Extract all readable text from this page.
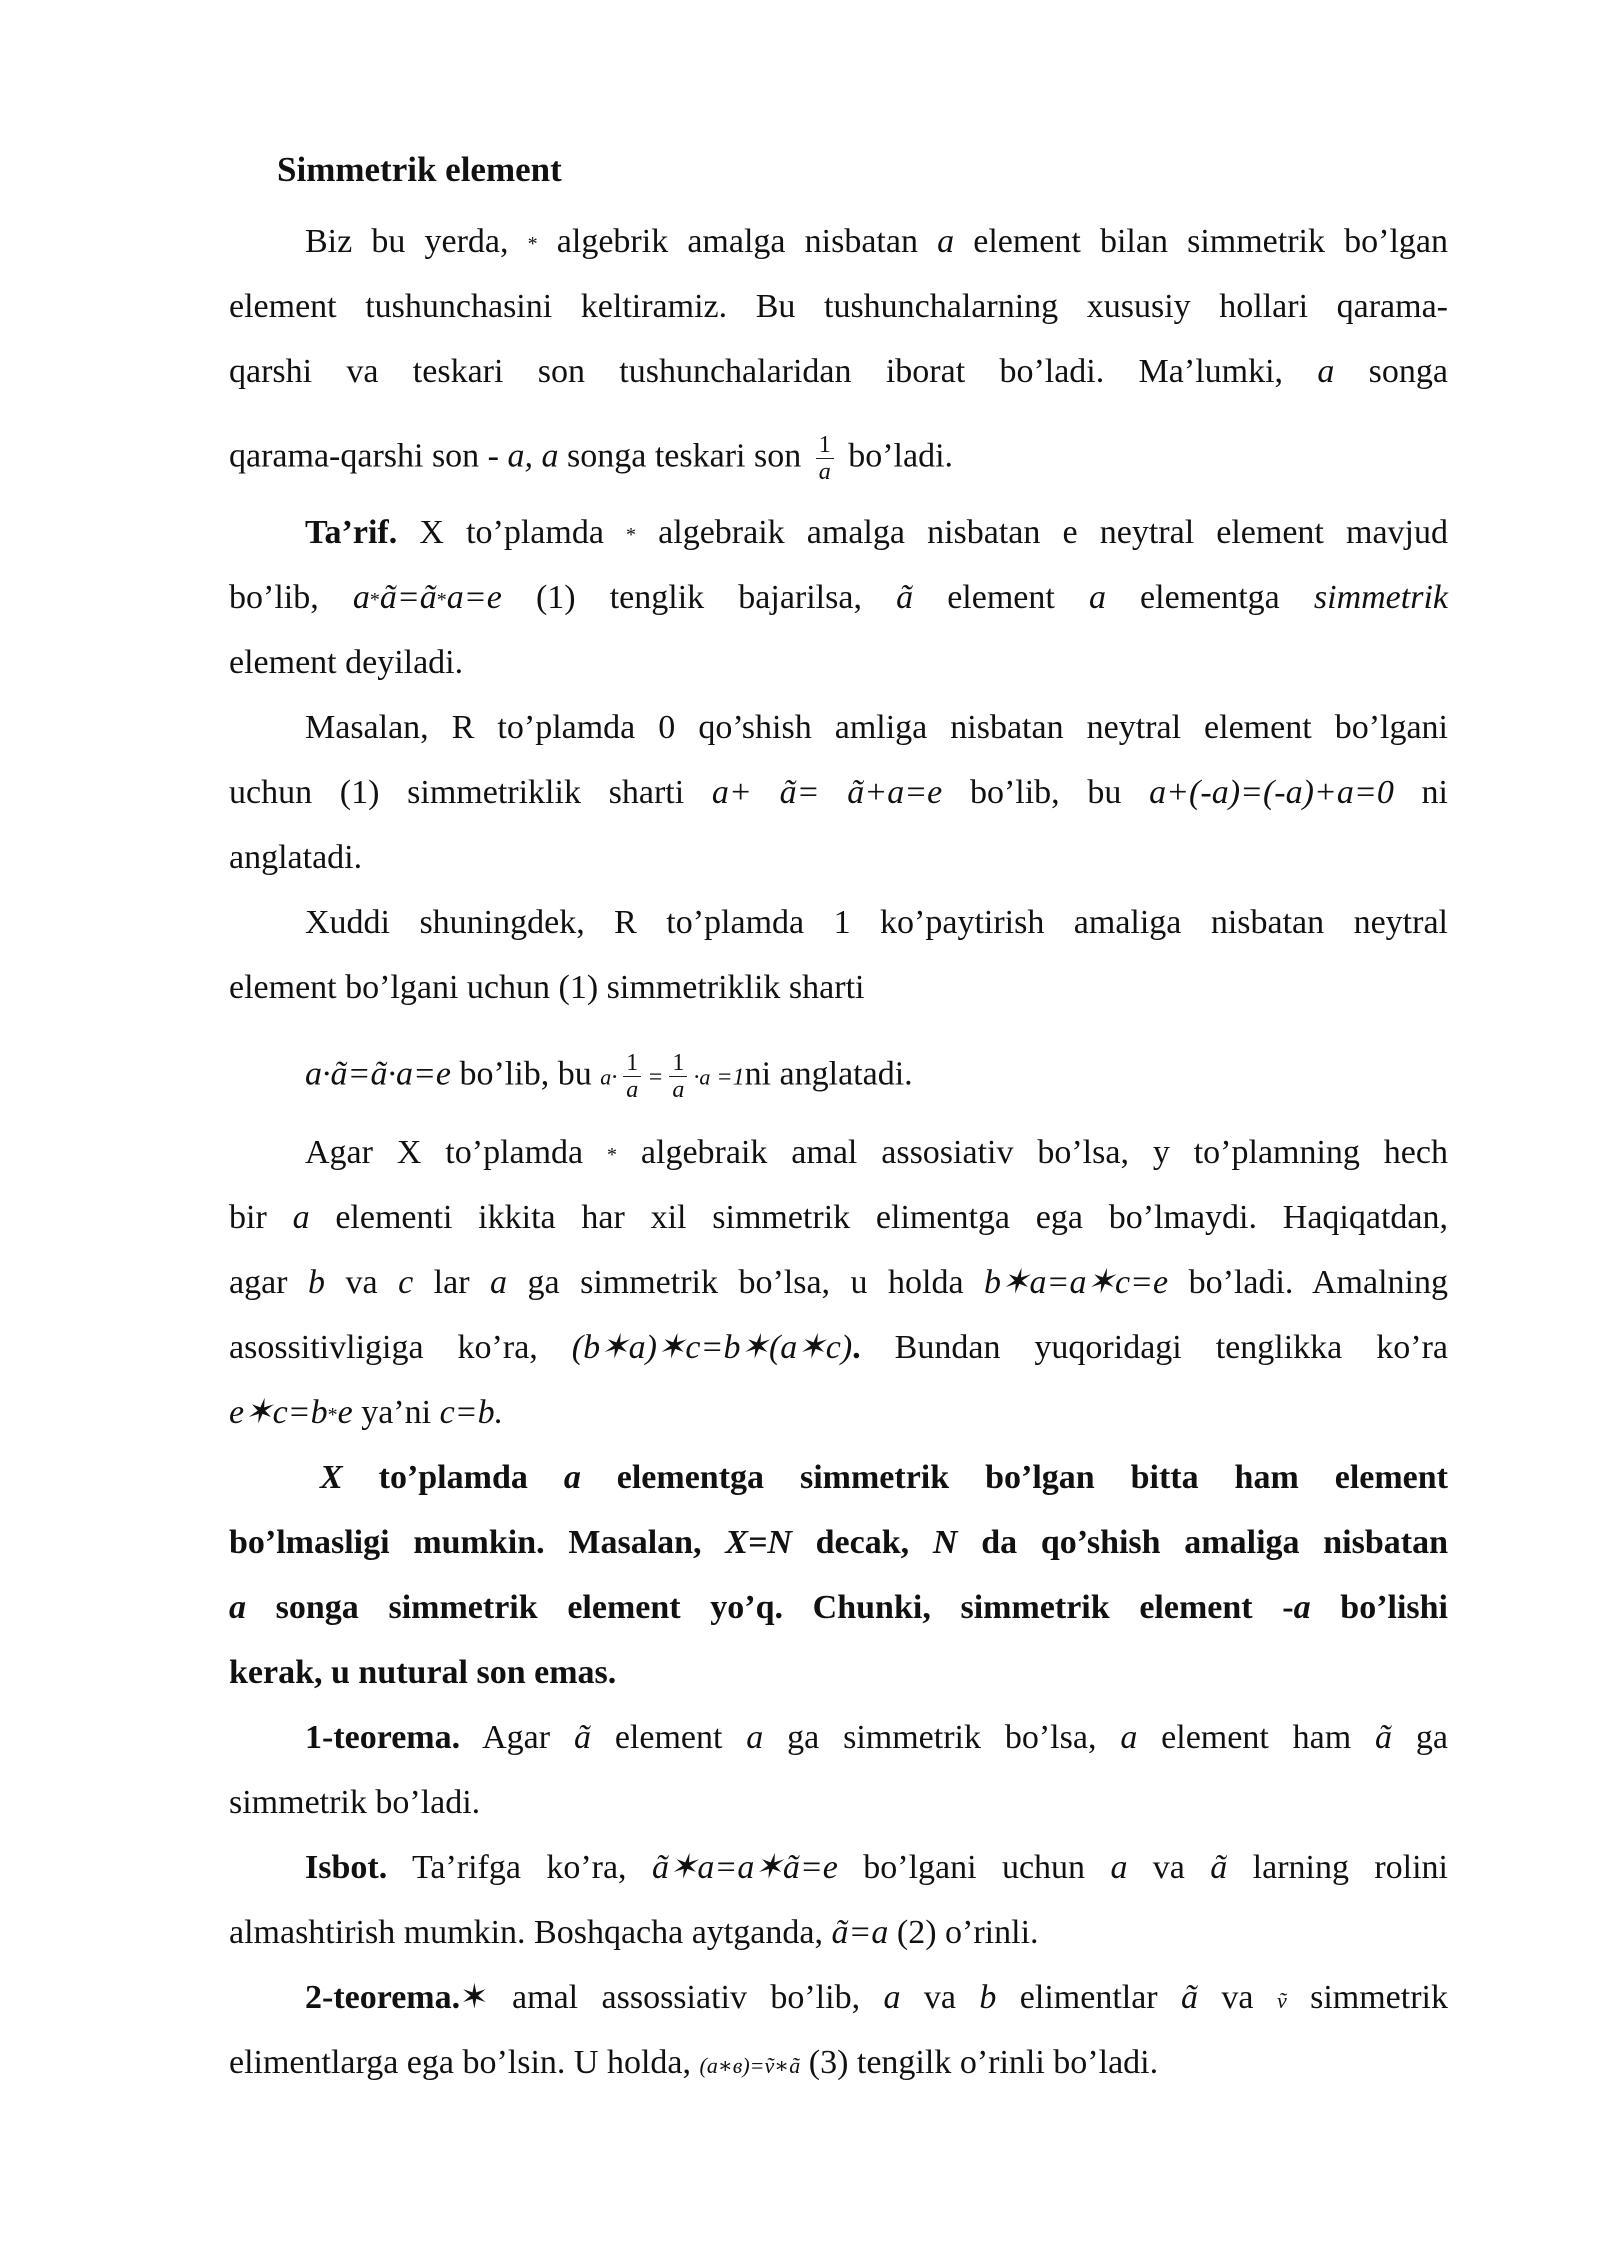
Simmetrik element
Biz bu yerda, * algebrik amalga nisbatan a element bilan simmetrik bo’lgan
element tushunchasini keltiramiz. Bu tushunchalarning xususiy hollari qarama-
qarshi va teskari son tushunchalaridan iborat bo’ladi. Ma’lumki, a songa
qarama-qarshi son - a, a songa teskari son $\frac{1}{a}$ bo’ladi.
Ta’rif. X to’plamda * algebraik amalga nisbatan e neytral element mavjud
bo’lib, a*ã=ã*a=e (1) tenglik bajarilsa, ã element a elementga simmetrik
element deyiladi.
Masalan, R to’plamda 0 qo’shish amliga nisbatan neytral element bo’lgani
uchun (1) simmetriklik sharti a+ ã= ã+a=e bo’lib, bu a+(-a)=(-a)+a=0 ni
anglatadi.
Xuddi shuningdek, R to’plamda 1 ko’paytirish amaliga nisbatan neytral
element bo’lgani uchun (1) simmetriklik sharti
a·ã=ã·a=e bo’lib, bu $a\cdot \frac{1}{a} = \frac{1}{a} \cdot a =1ni$ anglatadi.
Agar X to’plamda * algebraik amal assosiativ bo’lsa, y to’plamning hech
bir a elementi ikkita har xil simmetrik elimentga ega bo’lmaydi. Haqiqatdan,
agar b va c lar a ga simmetrik bo’lsa, u holda b✶a=a✶c=e bo’ladi. Amalning
asossitivligiga ko’ra, (b✶a)✶c=b✶(a✶c). Bundan yuqoridagi tenglikka ko’ra
e✶c=b*e ya’ni c=b.
X to’plamda a elementga simmetrik bo’lgan bitta ham element
bo’lmasligi mumkin. Masalan, X=N decak, N da qo’shish amaliga nisbatan
a songa simmetrik element yo’q. Chunki, simmetrik element -a bo’lishi
kerak, u nutural son emas.
1-teorema. Agar ã element a ga simmetrik bo’lsa, a element ham ã ga
simmetrik bo’ladi.
Isbot. Ta’rifga ko’ra, ã✶a=a✶ã=e bo’lgani uchun a va ã larning rolini
almashtirish mumkin. Boshqacha aytganda, ã=a (2) o’rinli.
2-teorema.✶ amal assossiativ bo’lib, a va b elimentlar ã va ṽ simmetrik
elimentlarga ega bo’lsin. U holda, (a∗в)=ṽ∗ã (3) tengilk o’rinli bo’ladi.
